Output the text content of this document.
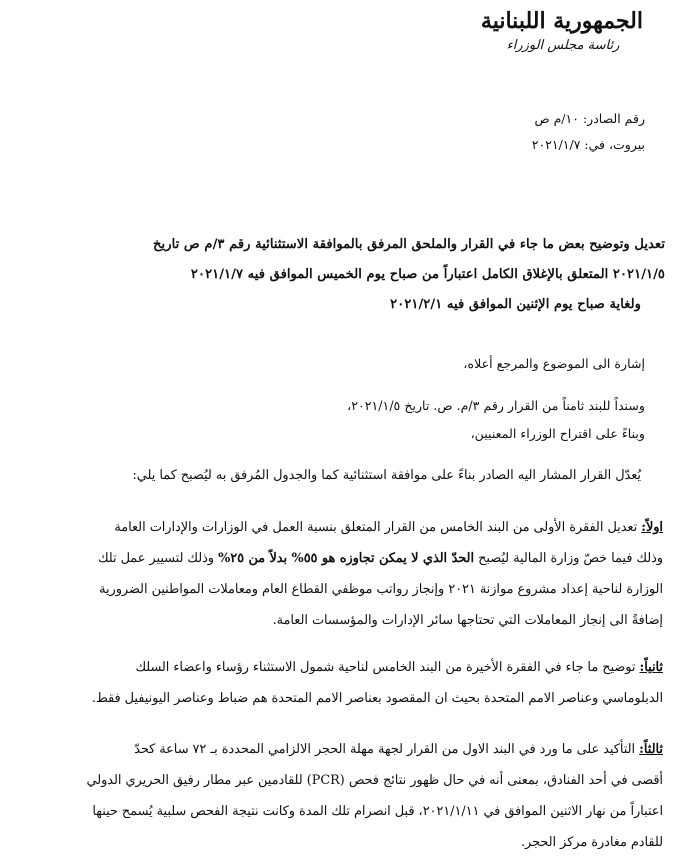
الجمهورية اللبنانية
رئاسة مجلس الوزراء
رقم الصادر: ١٠/م ص
بيروت، في: ٢٠٢١/١/٧
تعديل وتوضيح بعض ما جاء في القرار والملحق المرفق بالموافقة الاستثنائية رقم ٣/م ص تاريخ
٢٠٢١/١/٥ المتعلق بالإغلاق الكامل اعتباراً من صباح يوم الخميس الموافق فيه ٢٠٢١/١/٧
ولغاية صباح يوم الإثنين الموافق فيه ٢٠٢١/٢/١
إشارة الى الموضوع والمرجع أعلاه،
وسنداً للبند ثامناً من القرار رقم ٣/م. ص. تاريخ ٢٠٢١/١/٥،
وبناءً على اقتراح الوزراء المعنيين،
يُعدّل القرار المشار اليه الصادر بناءً على موافقة استثنائية كما والجدول المُرفق به ليُصبح كما يلي:
اولاً: تعديل الفقرة الأولى من البند الخامس من القرار المتعلق بنسبة العمل في الوزارات والإدارات العامة
وذلك فيما خصّ وزارة المالية ليُصبح الحدّ الذي لا يمكن تجاوزه هو ٥٥% بدلاً من ٢٥% وذلك لتسيير عمل تلك
الوزارة لناحية إعداد مشروع موازنة ٢٠٢١ وإنجاز رواتب موظفي القطاع العام ومعاملات المواطنين الضرورية
إضافةً الى إنجاز المعاملات التي تحتاجها سائر الإدارات والمؤسسات العامة.
ثانياً: توضيح ما جاء في الفقرة الأخيرة من البند الخامس لناحية شمول الاستثناء رؤساء واعضاء السلك
الدبلوماسي وعناصر الامم المتحدة بحيث ان المقصود بعناصر الامم المتحدة هم ضباط وعناصر اليونيفيل فقط.
ثالثاً: التأكيد على ما ورد في البند الاول من القرار لجهة مهلة الحجر الالزامي المحددة بـ ٧٢ ساعة كحدّ
أقصى في أحد الفنادق، بمعنى أنه في حال ظهور نتائج فحص (PCR) للقادمين عبر مطار رفيق الحريري الدولي
اعتباراً من نهار الاثنين الموافق في ٢٠٢١/١/١١، قبل انصرام تلك المدة وكانت نتيجة الفحص سلبية يُسمح حينها
للقادم مغادرة مركز الحجر.
